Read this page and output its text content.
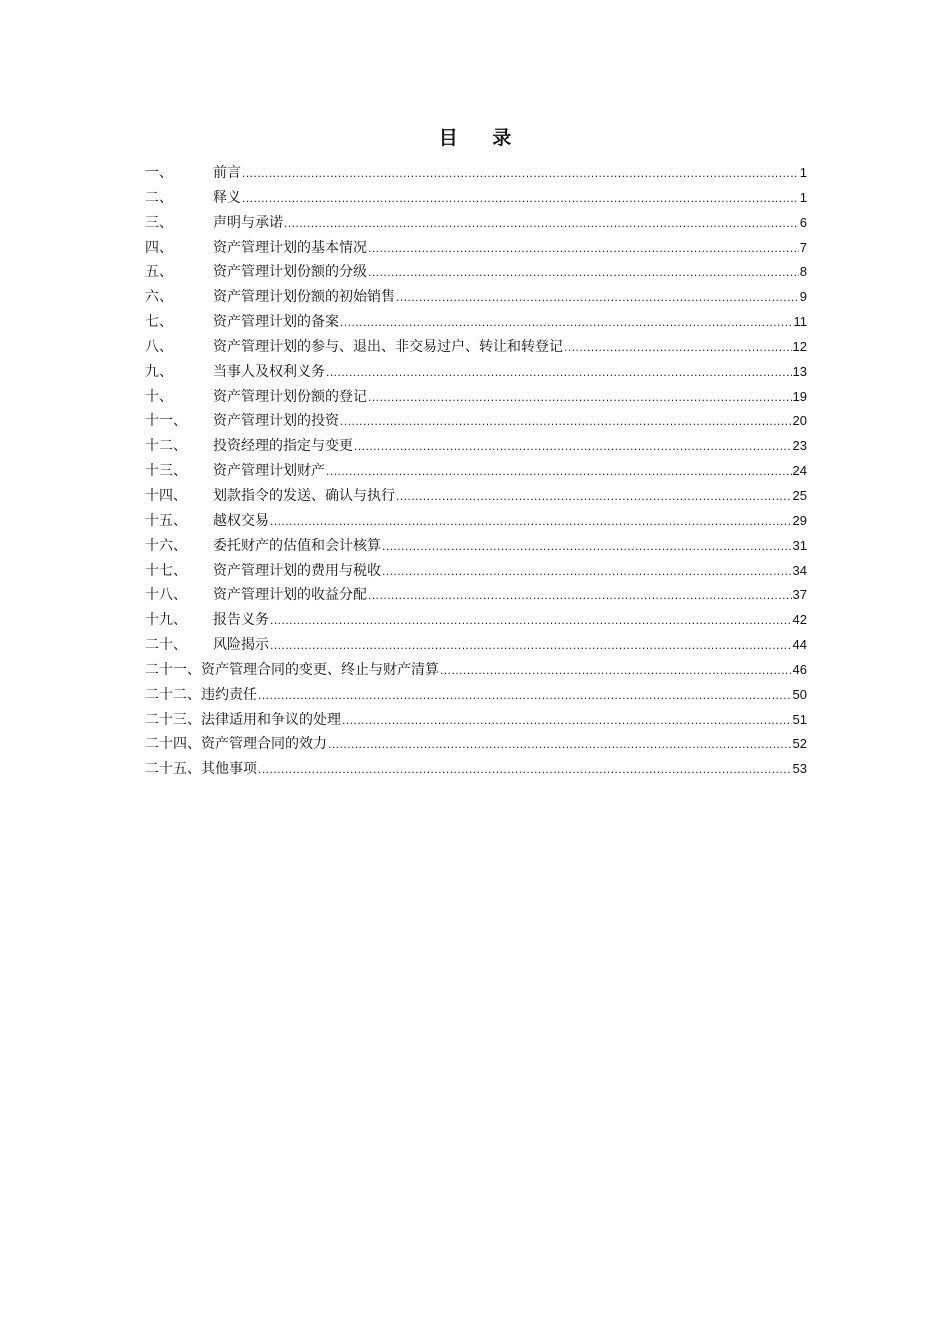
目 录
一、	前言 .....	1
二、	释义 .....	1
三、	声明与承诺 .....	6
四、	资产管理计划的基本情况 .....	7
五、	资产管理计划份额的分级 .....	8
六、	资产管理计划份额的初始销售 .....	9
七、	资产管理计划的备案 .....	11
八、	资产管理计划的参与、退出、非交易过户、转让和转登记 .....	12
九、	当事人及权利义务 .....	13
十、	资产管理计划份额的登记 .....	19
十一、	资产管理计划的投资 .....	20
十二、	投资经理的指定与变更 .....	23
十三、	资产管理计划财产 .....	24
十四、	划款指令的发送、确认与执行 .....	25
十五、	越权交易 .....	29
十六、	委托财产的估值和会计核算 .....	31
十七、	资产管理计划的费用与税收 .....	34
十八、	资产管理计划的收益分配 .....	37
十九、	报告义务 .....	42
二十、	风险揭示 .....	44
二十一、 资产管理合同的变更、终止与财产清算 .....	46
二十二、 违约责任 .....	50
二十三、 法律适用和争议的处理 .....	51
二十四、 资产管理合同的效力 .....	52
二十五、 其他事项 .....	53
